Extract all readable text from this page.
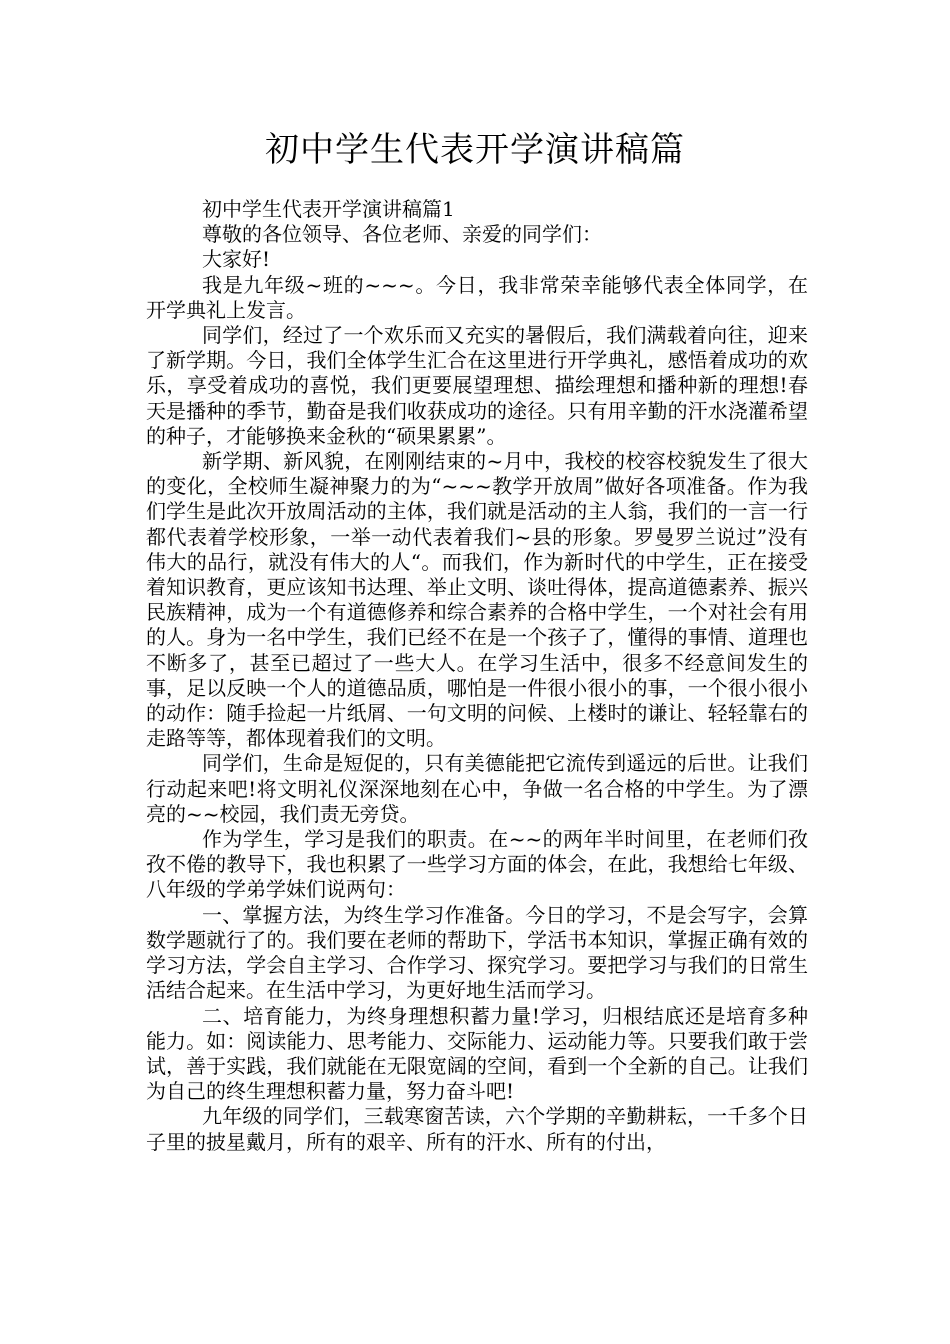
初中学生代表开学演讲稿篇

初中学生代表开学演讲稿篇1

尊敬的各位领导、各位老师、亲爱的同学们：

大家好!

我是九年级~班的~~~。今日，我非常荣幸能够代表全体同学，在开学典礼上发言。

同学们，经过了一个欢乐而又充实的暑假后，我们满载着向往，迎来了新学期。今日，我们全体学生汇合在这里进行开学典礼，感悟着成功的欢乐，享受着成功的喜悦，我们更要展望理想、描绘理想和播种新的理想!春天是播种的季节，勤奋是我们收获成功的途径。只有用辛勤的汗水浇灌希望的种子，才能够换来金秋的“硕果累累”。

新学期、新风貌，在刚刚结束的~月中，我校的校容校貌发生了很大的变化，全校师生凝神聚力的为“~~~教学开放周”做好各项准备。作为我们学生是此次开放周活动的主体，我们就是活动的主人翁，我们的一言一行都代表着学校形象，一举一动代表着我们~县的形象。罗曼罗兰说过”没有伟大的品行，就没有伟大的人“。而我们，作为新时代的中学生，正在接受着知识教育，更应该知书达理、举止文明、谈吐得体，提高道德素养、振兴民族精神，成为一个有道德修养和综合素养的合格中学生，一个对社会有用的人。身为一名中学生，我们已经不在是一个孩子了，懂得的事情、道理也不断多了，甚至已超过了一些大人。在学习生活中，很多不经意间发生的事，足以反映一个人的道德品质，哪怕是一件很小很小的事，一个很小很小的动作：随手捡起一片纸屑、一句文明的问候、上楼时的谦让、轻轻靠右的走路等等，都体现着我们的文明。

同学们，生命是短促的，只有美德能把它流传到遥远的后世。让我们行动起来吧!将文明礼仪深深地刻在心中，争做一名合格的中学生。为了漂亮的~~校园，我们责无旁贷。

作为学生，学习是我们的职责。在~~的两年半时间里，在老师们孜孜不倦的教导下，我也积累了一些学习方面的体会，在此，我想给七年级、八年级的学弟学妹们说两句：

一、掌握方法，为终生学习作准备。今日的学习，不是会写字，会算数学题就行了的。我们要在老师的帮助下，学活书本知识，掌握正确有效的学习方法，学会自主学习、合作学习、探究学习。要把学习与我们的日常生活结合起来。在生活中学习，为更好地生活而学习。

二、培育能力，为终身理想积蓄力量!学习，归根结底还是培育多种能力。如：阅读能力、思考能力、交际能力、运动能力等。只要我们敢于尝试，善于实践，我们就能在无限宽阔的空间，看到一个全新的自己。让我们为自己的终生理想积蓄力量，努力奋斗吧!

九年级的同学们，三载寒窗苦读，六个学期的辛勤耕耘，一千多个日子里的披星戴月，所有的艰辛、所有的汗水、所有的付出，
